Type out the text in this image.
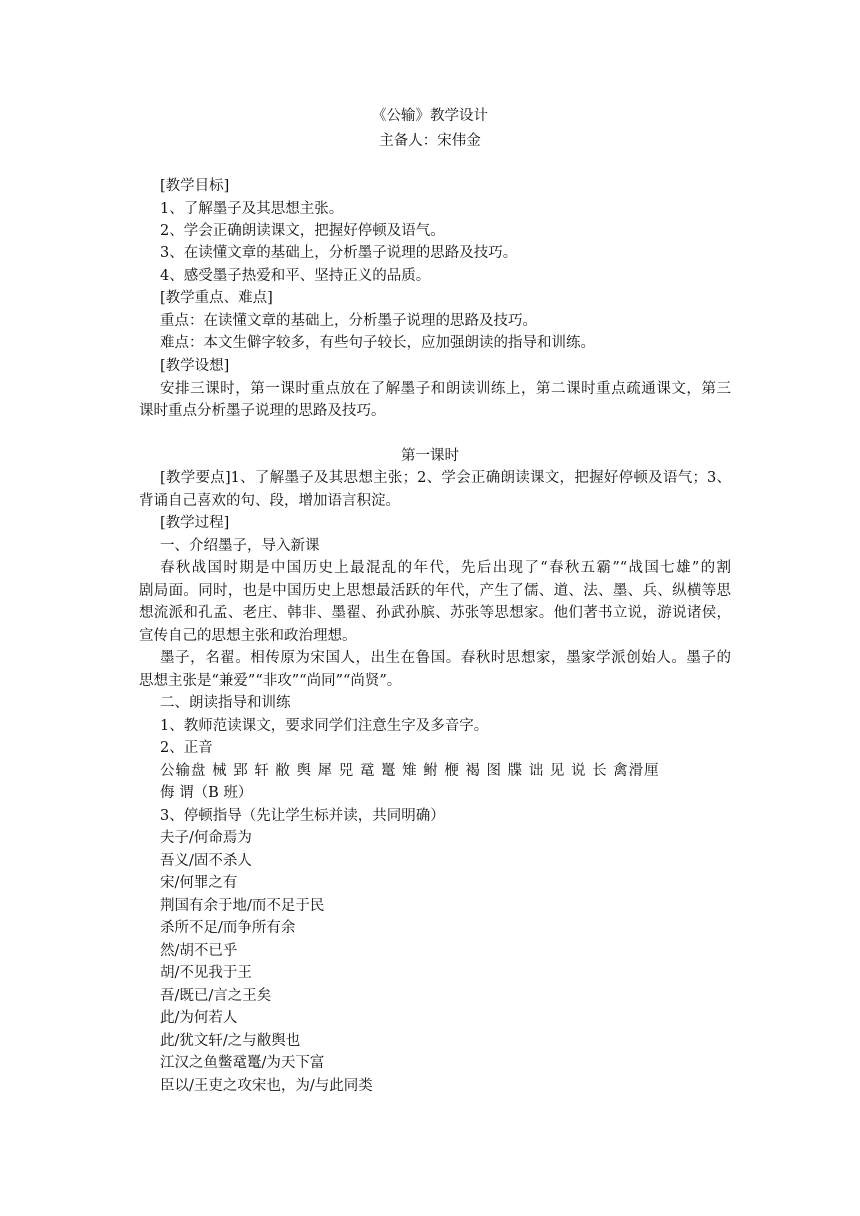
《公输》教学设计
主备人：宋伟金
[教学目标]
1、了解墨子及其思想主张。
2、学会正确朗读课文，把握好停顿及语气。
3、在读懂文章的基础上，分析墨子说理的思路及技巧。
4、感受墨子热爱和平、坚持正义的品质。
[教学重点、难点]
重点：在读懂文章的基础上，分析墨子说理的思路及技巧。
难点：本文生僻字较多，有些句子较长，应加强朗读的指导和训练。
[教学设想]
安排三课时，第一课时重点放在了解墨子和朗读训练上，第二课时重点疏通课文，第三
课时重点分析墨子说理的思路及技巧。
第一课时
[教学要点]1、了解墨子及其思想主张；2、学会正确朗读课文，把握好停顿及语气；3、
背诵自己喜欢的句、段，增加语言积淀。
[教学过程]
一、介绍墨子，导入新课
春秋战国时期是中国历史上最混乱的年代，先后出现了“春秋五霸”“战国七雄”的割
剧局面。同时，也是中国历史上思想最活跃的年代，产生了儒、道、法、墨、兵、纵横等思
想流派和孔孟、老庄、韩非、墨翟、孙武孙膑、苏张等思想家。他们著书立说，游说诸侯，
宣传自己的思想主张和政治理想。
墨子，名翟。相传原为宋国人，出生在鲁国。春秋时思想家，墨家学派创始人。墨子的
思想主张是“兼爱”“非攻”“尚同”“尚贤”。
二、朗读指导和训练
1、教师范读课文，要求同学们注意生字及多音字。
2、正音
公输盘 械 郢 轩 敝 舆 犀 兕 鼋 鼍 雉 鲋 楩 褐 图 牒 诎 见 说 长 禽滑厘
侮 谓（B 班）
3、停顿指导（先让学生标并读，共同明确）
夫子/何命焉为
吾义/固不杀人
宋/何罪之有
荆国有余于地/而不足于民
杀所不足/而争所有余
然/胡不已乎
胡/不见我于王
吾/既已/言之王矣
此/为何若人
此/犹文轩/之与敝舆也
江汉之鱼鳖鼋鼍/为天下富
臣以/王吏之攻宋也，为/与此同类
